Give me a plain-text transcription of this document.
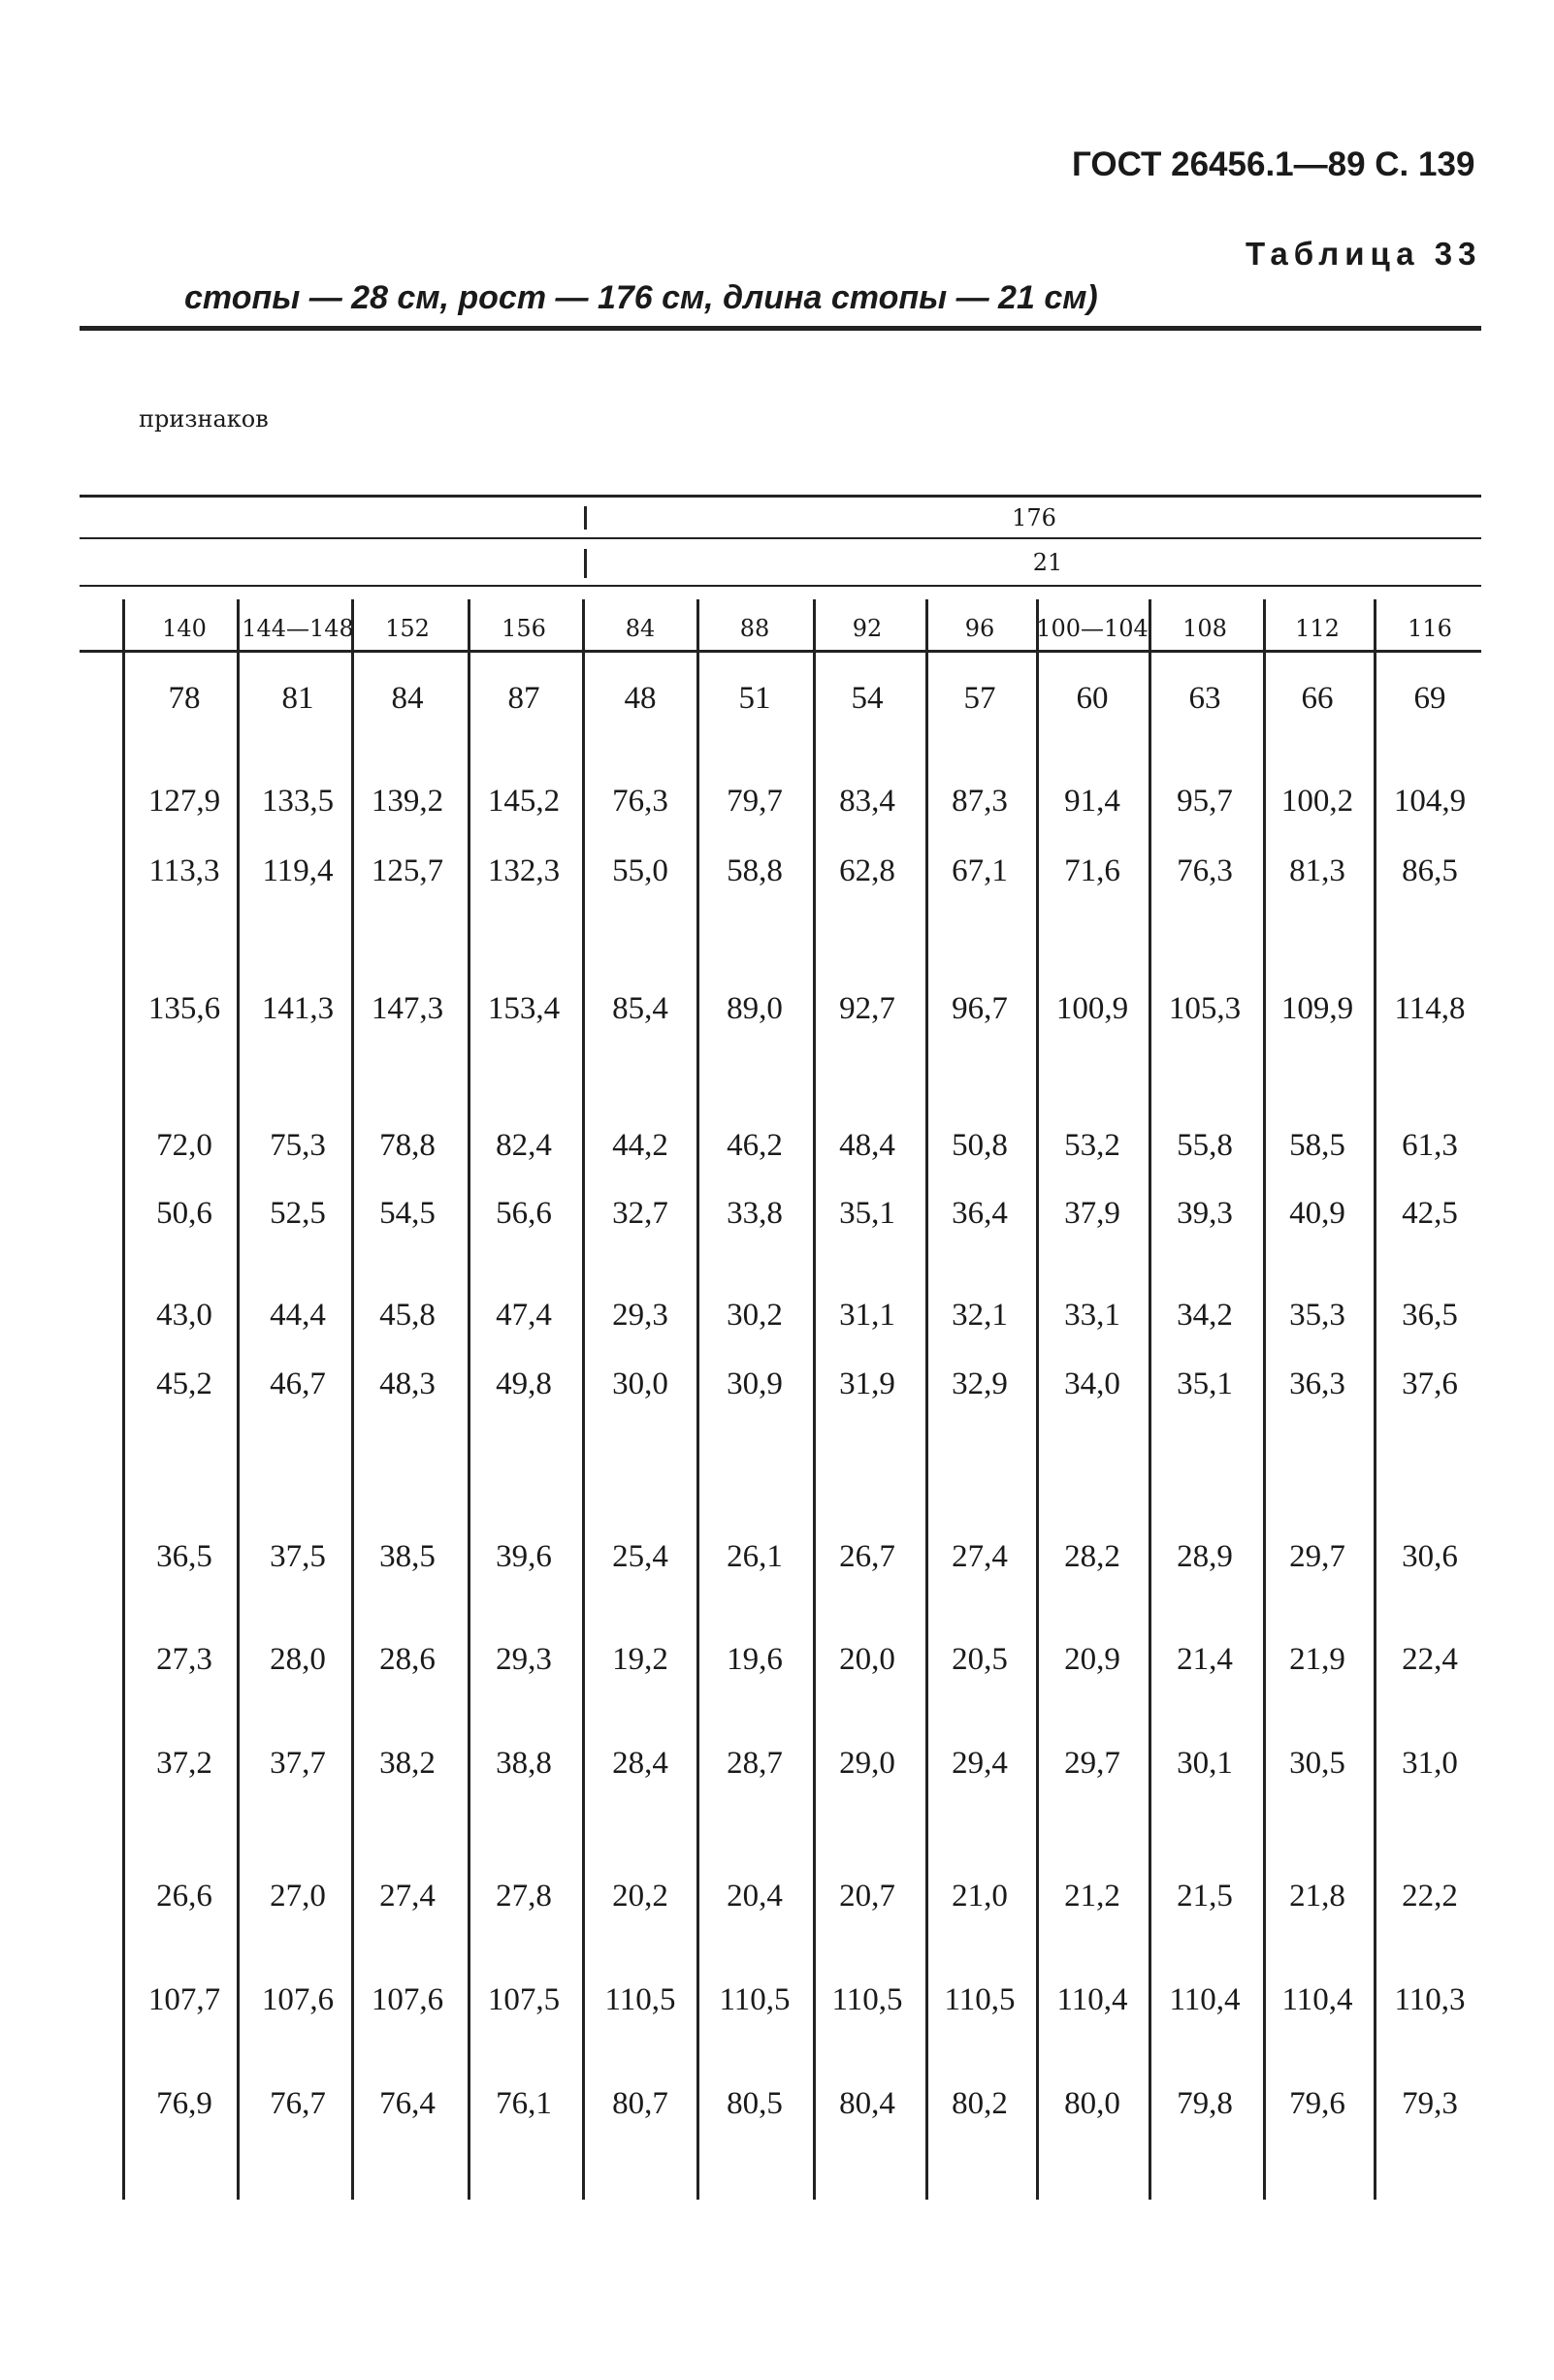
ГОСТ 26456.1—89 С. 139
Таблица 33
стопы — 28 см, рост — 176 см, длина стопы — 21 см)
признаков
176
21
140 144—148 152	156	84	88	92	96 100—104 108	112	116
78	81 84	87	48	51	54	57	60	63	66	69
127,9 133,5 139,2 145,2 76,3 79,7 83,4 87,3 91,4 95,7 100,2 104,9
113,3 119,4 125,7 132,3 55,0 58,8 62,8 67,1 71,6 76,3 81,3 86,5
135,6 141,3 147,3 153,4 85,4 89,0 92,7 96,7 100,9 105,3 109,9 114,8
72,0 75,3 78,8 82,4 44,2 46,2 48,4 50,8 53,2 55,8 58,5 61,3
50,6 52,5 54,5 56,6 32,7 33,8 35,1 36,4 37,9 39,3 40,9 42,5
43,0 44,4 45,8 47,4 29,3 30,2 31,1 32,1 33,1 34,2 35,3 36,5
45,2 46,7 48,3 49,8 30,0 30,9 31,9 32,9 34,0 35,1 36,3 37,6
36,5 37,5 38,5 39,6 25,4 26,1 26,7 27,4 28,2 28,9 29,7 30,6
27,3 28,0 28,6 29,3 19,2 19,6 20,0 20,5 20,9 21,4 21,9 22,4
37,2 37,7 38,2 38,8 28,4 28,7 29,0 29,4 29,7 30,1 30,5 31,0
26,6 27,0 27,4 27,8 20,2 20,4 20,7 21,0 21,2 21,5 21,8 22,2
107,7 107,6 107,6 107,5 110,5 110,5 110,5 110,5 110,4 110,4 110,4 110,3
76,9 76,7 76,4 76,1 80,7 80,5 80,4 80,2 80,0 79,8 79,6 79,3
